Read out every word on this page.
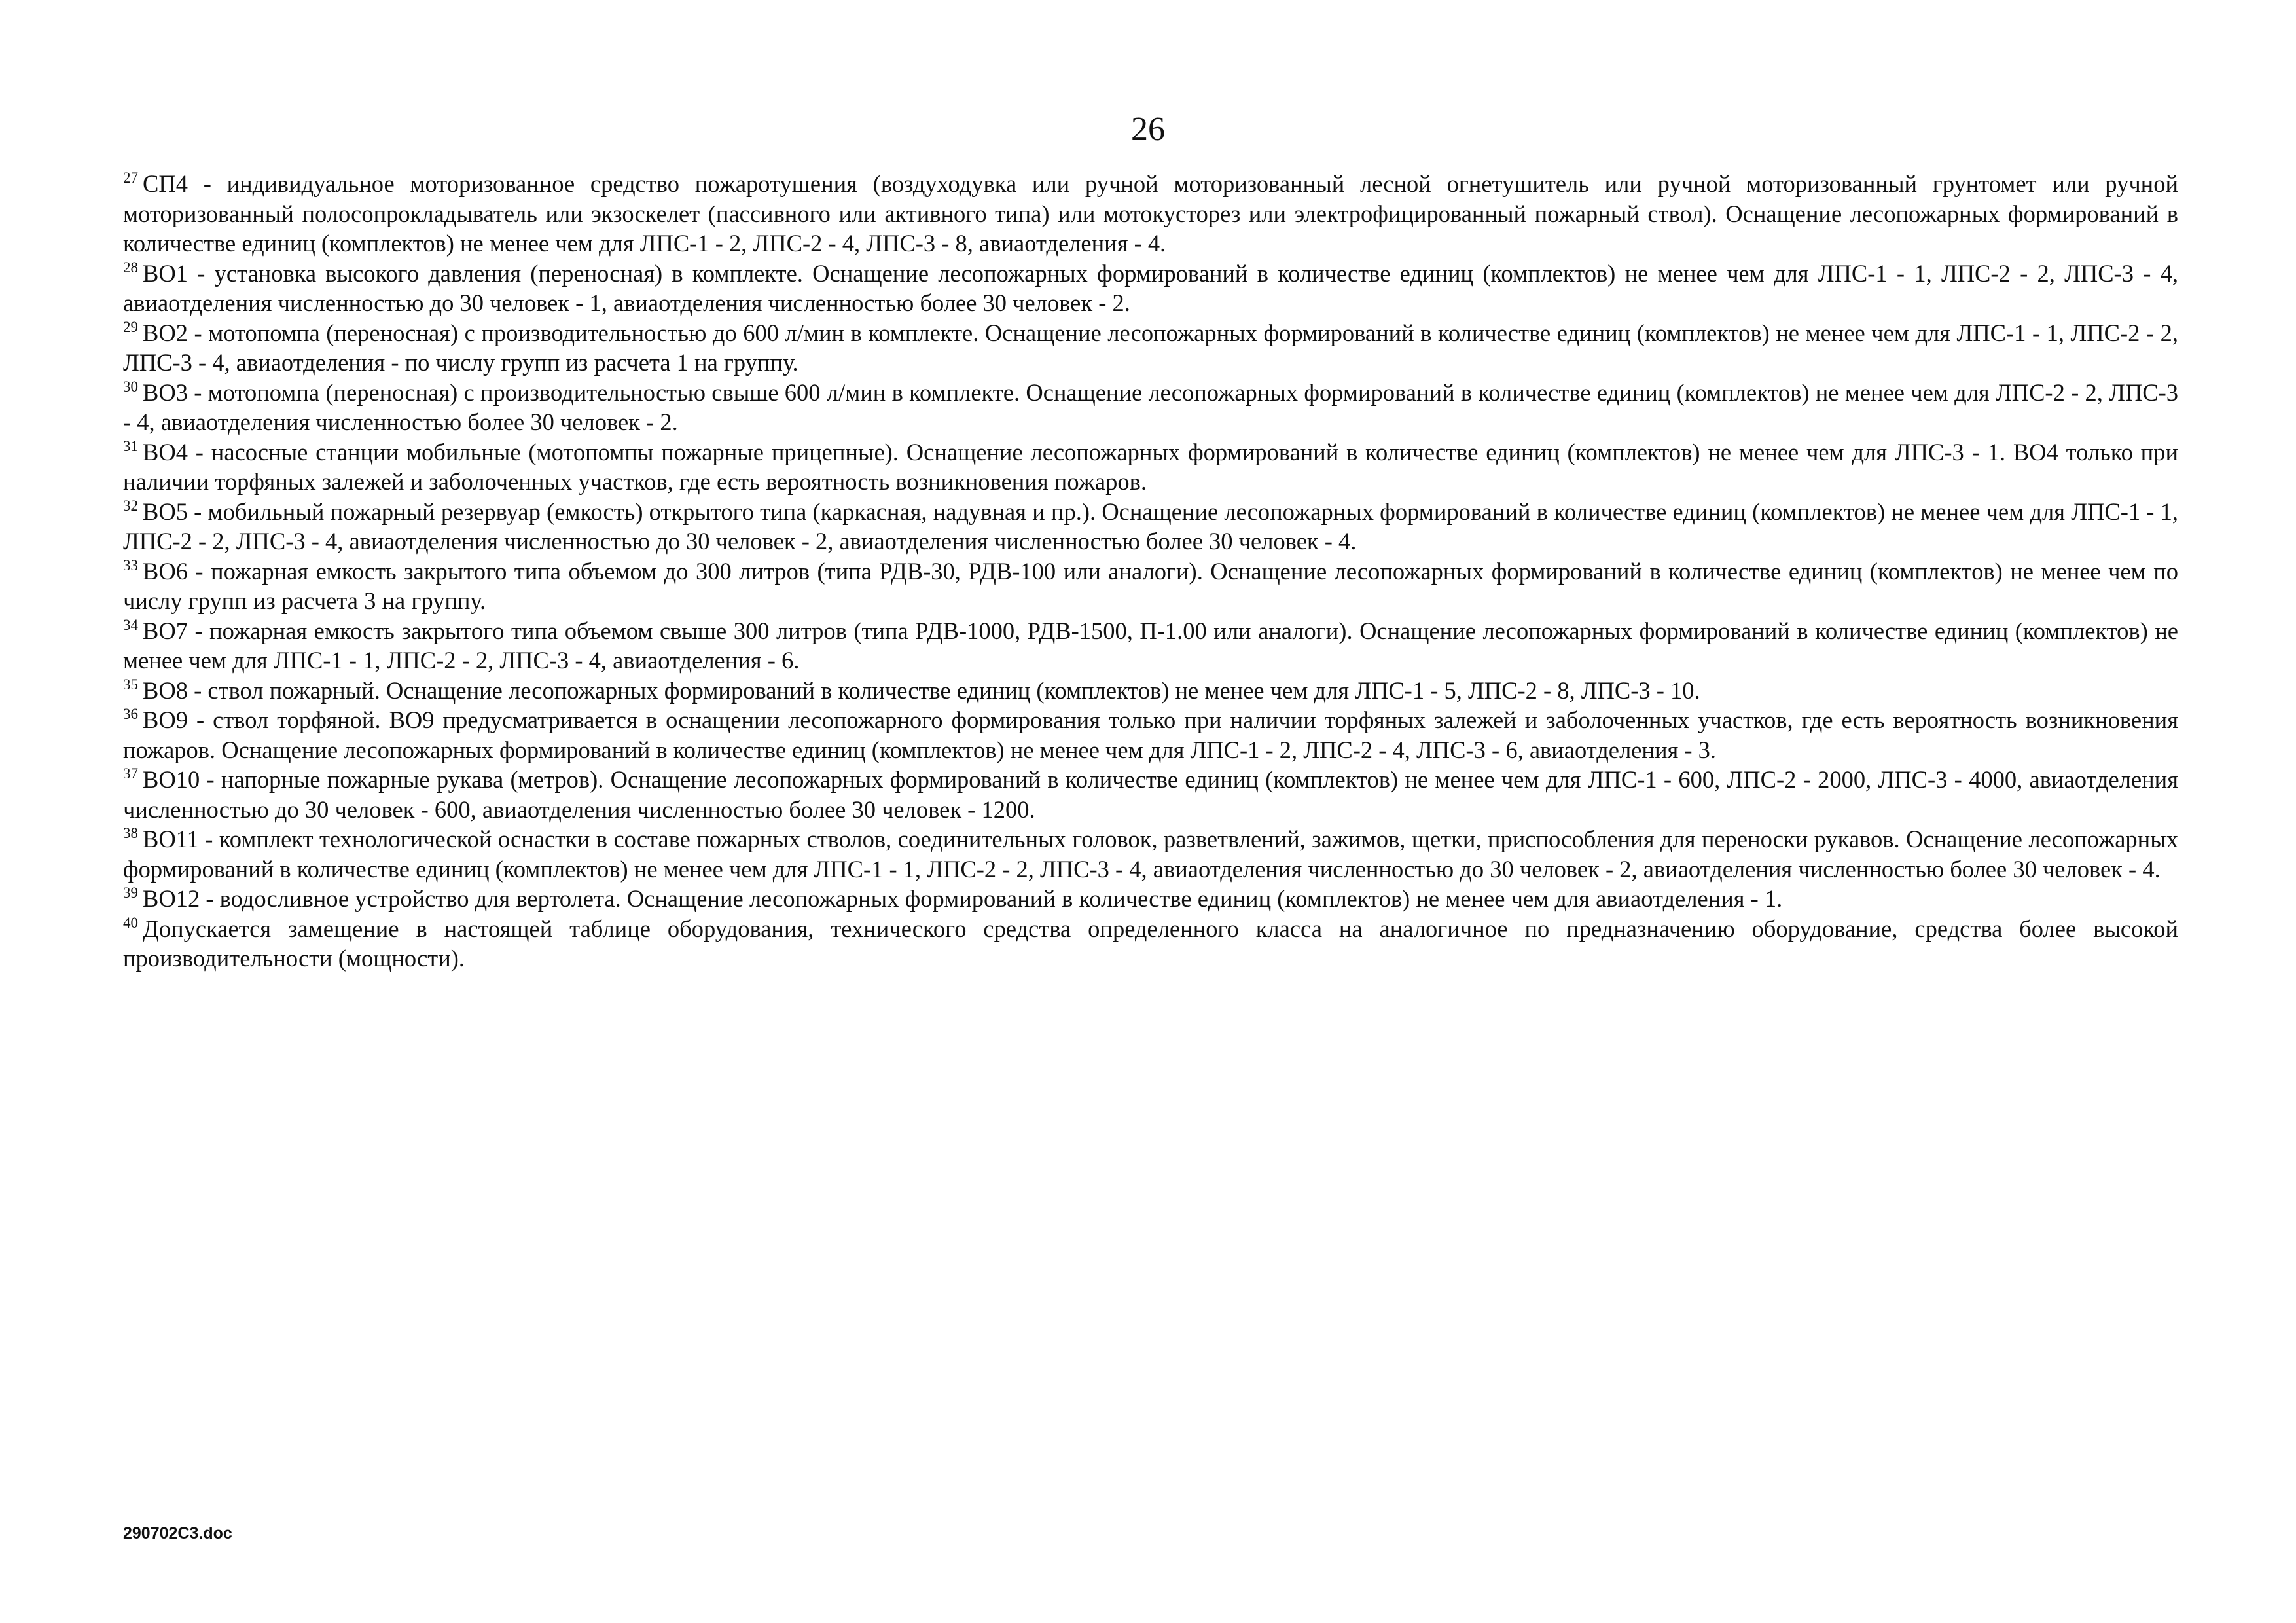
26

$^{27}$ СП4 - индивидуальное моторизованное средство пожаротушения (воздуходувка или ручной моторизованный лесной огнетушитель или ручной моторизованный грунтомет или ручной моторизованный полосопрокладыватель или экзоскелет (пассивного или активного типа) или мотокусторез или электрофицированный пожарный ствол). Оснащение лесопожарных формирований в количестве единиц (комплектов) не менее чем для ЛПС-1 - 2, ЛПС-2 - 4, ЛПС-3 - 8, авиаотделения - 4.

$^{28}$ ВО1 - установка высокого давления (переносная) в комплекте. Оснащение лесопожарных формирований в количестве единиц (комплектов) не менее чем для ЛПС-1 - 1, ЛПС-2 - 2, ЛПС-3 - 4, авиаотделения численностью до 30 человек - 1, авиаотделения численностью более 30 человек - 2.

$^{29}$ ВО2 - мотопомпа (переносная) с производительностью до 600 л/мин в комплекте. Оснащение лесопожарных формирований в количестве единиц (комплектов) не менее чем для ЛПС-1 - 1, ЛПС-2 - 2, ЛПС-3 - 4, авиаотделения - по числу групп из расчета 1 на группу.

$^{30}$ ВО3 - мотопомпа (переносная) с производительностью свыше 600 л/мин в комплекте. Оснащение лесопожарных формирований в количестве единиц (комплектов) не менее чем для ЛПС-2 - 2, ЛПС-3 - 4, авиаотделения численностью более 30 человек - 2.

$^{31}$ ВО4 - насосные станции мобильные (мотопомпы пожарные прицепные). Оснащение лесопожарных формирований в количестве единиц (комплектов) не менее чем для ЛПС-3 - 1. ВО4 только при наличии торфяных залежей и заболоченных участков, где есть вероятность возникновения пожаров.

$^{32}$ ВО5 - мобильный пожарный резервуар (емкость) открытого типа (каркасная, надувная и пр.). Оснащение лесопожарных формирований в количестве единиц (комплектов) не менее чем для ЛПС-1 - 1, ЛПС-2 - 2, ЛПС-3 - 4, авиаотделения численностью до 30 человек - 2, авиаотделения численностью более 30 человек - 4.

$^{33}$ ВО6 - пожарная емкость закрытого типа объемом до 300 литров (типа РДВ-30, РДВ-100 или аналоги). Оснащение лесопожарных формирований в количестве единиц (комплектов) не менее чем по числу групп из расчета 3 на группу.

$^{34}$ ВО7 - пожарная емкость закрытого типа объемом свыше 300 литров (типа РДВ-1000, РДВ-1500, П-1.00 или аналоги). Оснащение лесопожарных формирований в количестве единиц (комплектов) не менее чем для ЛПС-1 - 1, ЛПС-2 - 2, ЛПС-3 - 4, авиаотделения - 6.

$^{35}$ ВО8 - ствол пожарный. Оснащение лесопожарных формирований в количестве единиц (комплектов) не менее чем для ЛПС-1 - 5, ЛПС-2 - 8, ЛПС-3 - 10.

$^{36}$ ВО9 - ствол торфяной. ВО9 предусматривается в оснащении лесопожарного формирования только при наличии торфяных залежей и заболоченных участков, где есть вероятность возникновения пожаров. Оснащение лесопожарных формирований в количестве единиц (комплектов) не менее чем для ЛПС-1 - 2, ЛПС-2 - 4, ЛПС-3 - 6, авиаотделения - 3.

$^{37}$ ВО10 - напорные пожарные рукава (метров). Оснащение лесопожарных формирований в количестве единиц (комплектов) не менее чем для ЛПС-1 - 600, ЛПС-2 - 2000, ЛПС-3 - 4000, авиаотделения численностью до 30 человек - 600, авиаотделения численностью более 30 человек - 1200.

$^{38}$ ВО11 - комплект технологической оснастки в составе пожарных стволов, соединительных головок, разветвлений, зажимов, щетки, приспособления для переноски рукавов. Оснащение лесопожарных формирований в количестве единиц (комплектов) не менее чем для ЛПС-1 - 1, ЛПС-2 - 2, ЛПС-3 - 4, авиаотделения численностью до 30 человек - 2, авиаотделения численностью более 30 человек - 4.

$^{39}$ ВО12 - водосливное устройство для вертолета. Оснащение лесопожарных формирований в количестве единиц (комплектов) не менее чем для авиаотделения - 1.

$^{40}$ Допускается замещение в настоящей таблице оборудования, технического средства определенного класса на аналогичное по предназначению оборудование, средства более высокой производительности (мощности).

290702С3.doc
